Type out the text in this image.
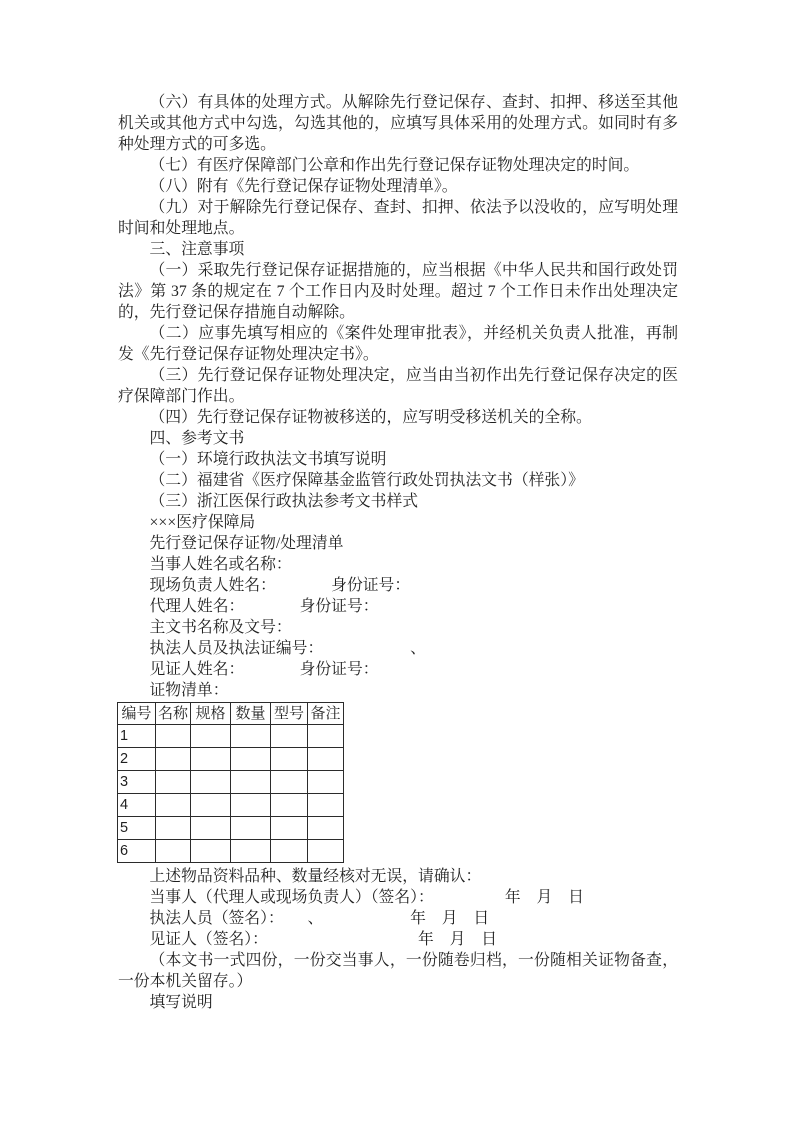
（六）有具体的处理方式。从解除先行登记保存、查封、扣押、移送至其他机关或其他方式中勾选，勾选其他的，应填写具体采用的处理方式。如同时有多种处理方式的可多选。

（七）有医疗保障部门公章和作出先行登记保存证物处理决定的时间。

（八）附有《先行登记保存证物处理清单》。

（九）对于解除先行登记保存、查封、扣押、依法予以没收的，应写明处理时间和处理地点。

三、注意事项

（一）采取先行登记保存证据措施的，应当根据《中华人民共和国行政处罚法》第 37 条的规定在 7 个工作日内及时处理。超过 7 个工作日未作出处理决定的，先行登记保存措施自动解除。

（二）应事先填写相应的《案件处理审批表》，并经机关负责人批准，再制发《先行登记保存证物处理决定书》。

（三）先行登记保存证物处理决定，应当由当初作出先行登记保存决定的医疗保障部门作出。

（四）先行登记保存证物被移送的，应写明受移送机关的全称。

四、参考文书

（一）环境行政执法文书填写说明

（二）福建省《医疗保障基金监管行政处罚执法文书（样张）》

（三）浙江医保行政执法参考文书样式

×××医疗保障局

先行登记保存证物/处理清单

当事人姓名或名称：

现场负责人姓名：　　　　身份证号：

代理人姓名：　　　　身份证号：

主文书名称及文号：

执法人员及执法证编号：　　　　　　、

见证人姓名：　　　　身份证号：

证物清单：

编号	名称	规格	数量	型号	备注
1					
2					
3					
4					
5					
6					

上述物品资料品种、数量经核对无误，请确认：

当事人（代理人或现场负责人）（签名）：　　　　　年　月　日

执法人员（签名）：　　、　　　　　　年　月　日

见证人（签名）：　　　　　　　　　　年　月　日

（本文书一式四份，一份交当事人，一份随卷归档，一份随相关证物备查，一份本机关留存。）

填写说明
